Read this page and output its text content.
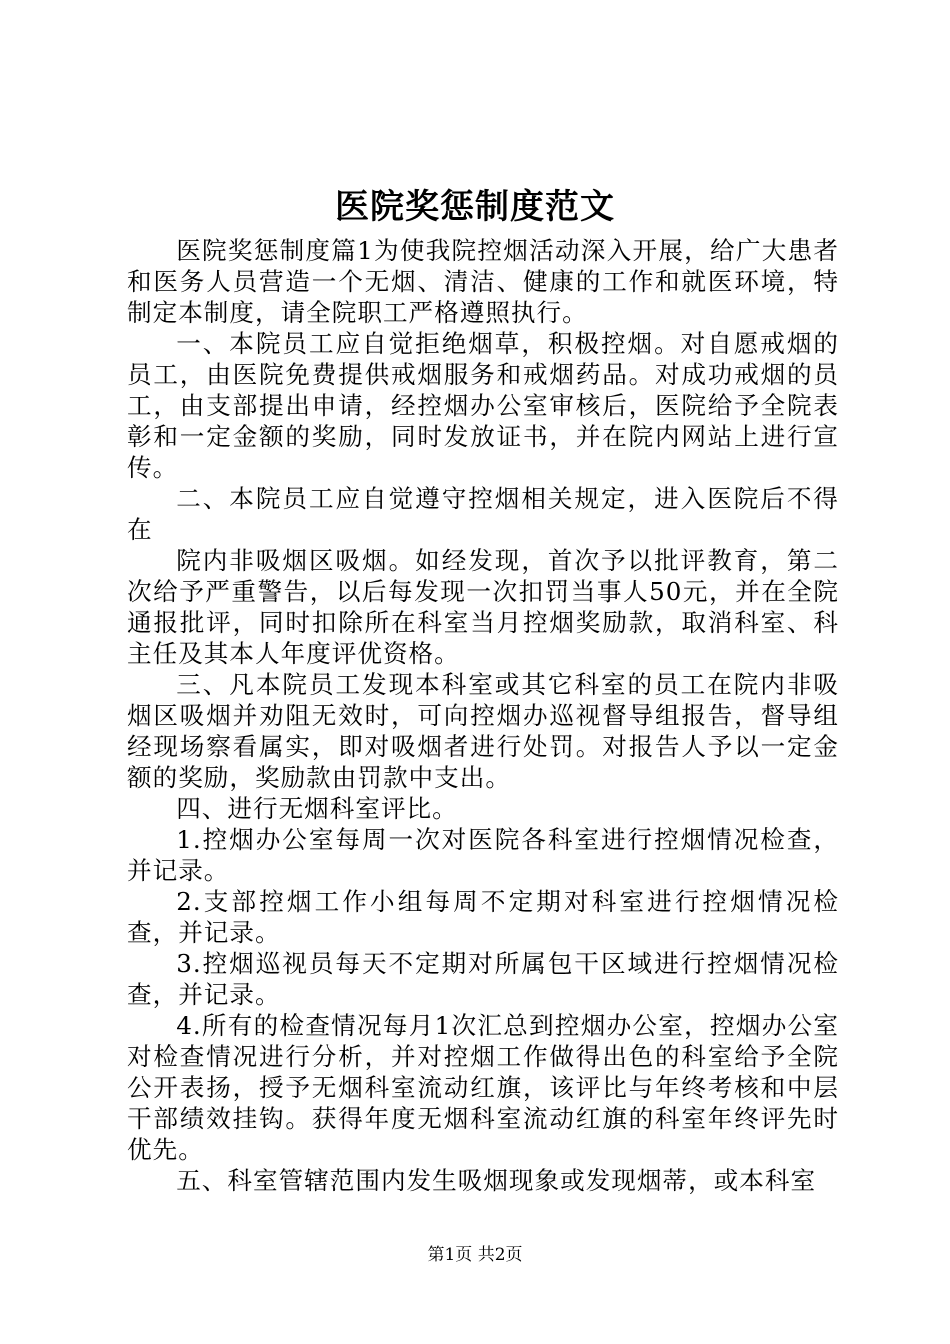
医院奖惩制度范文

医院奖惩制度篇1为使我院控烟活动深入开展，给广大患者和医务人员营造一个无烟、清洁、健康的工作和就医环境，特制定本制度，请全院职工严格遵照执行。

一、本院员工应自觉拒绝烟草，积极控烟。对自愿戒烟的员工，由医院免费提供戒烟服务和戒烟药品。对成功戒烟的员工，由支部提出申请，经控烟办公室审核后，医院给予全院表彰和一定金额的奖励，同时发放证书，并在院内网站上进行宣传。

二、本院员工应自觉遵守控烟相关规定，进入医院后不得在

院内非吸烟区吸烟。如经发现，首次予以批评教育，第二次给予严重警告，以后每发现一次扣罚当事人50元，并在全院通报批评，同时扣除所在科室当月控烟奖励款，取消科室、科主任及其本人年度评优资格。

三、凡本院员工发现本科室或其它科室的员工在院内非吸烟区吸烟并劝阻无效时，可向控烟办巡视督导组报告，督导组经现场察看属实，即对吸烟者进行处罚。对报告人予以一定金额的奖励，奖励款由罚款中支出。

四、进行无烟科室评比。

1.控烟办公室每周一次对医院各科室进行控烟情况检查，并记录。

2.支部控烟工作小组每周不定期对科室进行控烟情况检查，并记录。

3.控烟巡视员每天不定期对所属包干区域进行控烟情况检查，并记录。

4.所有的检查情况每月1次汇总到控烟办公室，控烟办公室对检查情况进行分析，并对控烟工作做得出色的科室给予全院公开表扬，授予无烟科室流动红旗，该评比与年终考核和中层干部绩效挂钩。获得年度无烟科室流动红旗的科室年终评先时优先。

五、科室管辖范围内发生吸烟现象或发现烟蒂，或本科室

第1页 共2页
